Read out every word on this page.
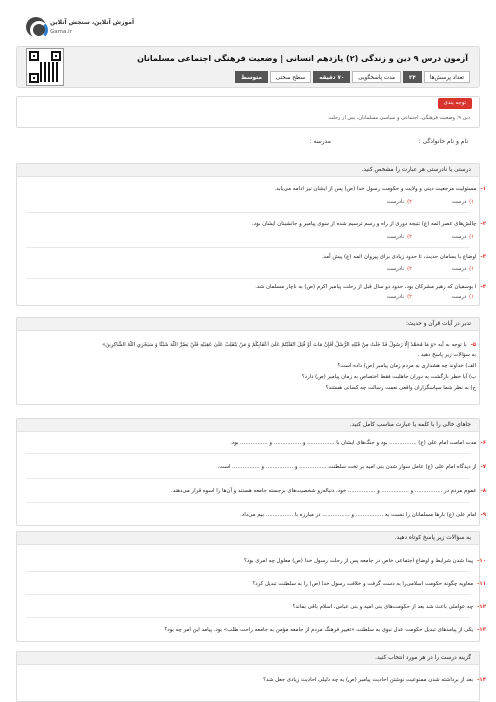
آموزش آنلاین، سنجش آنلاین
Gama.ir
آزمون درس ۹ دین و زندگی (۲) یازدهم انسانی | وضعیت فرهنگی اجتماعی مسلمانان
تعداد پرسش‌ها
۲۴
مدت پاسخگویی
۷۰ دقیقه
سطح سختی
متوسط
توجه بندی
دین ۹: وضعیت فرهنگی، اجتماعی و سیاسی مسلمانان، پس از رحلت
نام و نام خانوادگی :
مدرسه :
درستی یا نادرستی هر عبارت را مشخص کنید.
۱-مسئولیت مرجعیت دینی و ولایت و حکومت رسول خدا (ص) پس از ایشان نیز ادامه می‌یابد.
۱)درست
۲)نادرست
۲-چالش‌های عصر ائمه (ع) نتیجه دوری از راه و رسم ترسیم شده از سوی پیامبر و جانشینان ایشان بود.
۱)درست
۲)نادرست
۳-اوضاع با بسامان حدیث، تا حدود زیادی برای پیروان ائمه (ع) پیش آمد.
۱)درست
۲)نادرست
۴-ا بوسفیان که رهبر مشرکان بود، حدود دو سال قبل از رحلت پیامبر اکرم (ص) به ناچار مسلمان شد.
۱)درست
۲)نادرست
تدبر در آیات قرآن و حدیث:
۵-با توجه به آیه «وَ مَا مُحَمَّدٌ إِلَّا رَسُولٌ قَدْ خَلَتْ مِنْ قَبْلِهِ الرُّسُلُ أَفَإِنْ مَاتَ أَوْ قُتِلَ انْقَلَبْتُمْ عَلَىٰ أَعْقَابِكُمْ وَ مَنْ يَنْقَلِبْ عَلَىٰ عَقِبَيْهِ فَلَنْ يَضُرَّ اللَّهَ شَيْئًا وَ سَيَجْزِي اللَّهُ الشَّاكِرِينَ»
به سؤالات زیر پاسخ دهید .
الف) خداوند چه هشداری به مردم زمان پیامبر (ص) داده است؟
ب) آیا خطر بازگشت به دوران جاهلیت فقط اختصاص به زمان پیامبر (ص) دارد؟
ج) به نظر شما سپاسگزاران واقعی نعمت رسالت چه کسانی هستند؟
جاهای خالی را با کلمه یا عبارت مناسب کامل کنید.
۶-مدت امامت امام علی (ع) ................ بود و جنگ‌های ایشان با ................ و ................ و ................ بود.
۷-از دیدگاه امام علی (ع) عامل سوار شدن بنی امیه بر تخت سلطنت ................ و ................ و ................ است.
۸-عموم مردم در ................ و ................ و ................ خود، دنباله‌رو شخصیت‌های برجسته جامعه هستند و آن‌ها را اسوه قرار می‌دهند.
۹-امام علی (ع) بارها مسلمانان را نسبت به ................ و ................ در مبارزه با ................ بیم می‌داد.
به سؤالات زیر پاسخ کوتاه دهید.
۱۰-پیدا شدن شرایط و اوضاع اجتماعی خاص در جامعه پس از رحلت رسول خدا (ص) معلول چه امری بود؟
۱۱-معاویه چگونه حکومت اسلامی‌را به دست گرفت و خلافت رسول خدا (ص) را به سلطنت تبدیل کرد؟
۱۲-چه عواملی باعث شد بعد از حکومت‌های بنی امیه و بنی عباس، اسلام باقی بماند؟
۱۳-یکی از پیامدهای تبدیل حکومت عدل نبوی به سلطنت «تغییر فرهنگ مردم از جامعه مؤمن به جامعه راحت طلب» بود. پیامد این امر چه بود؟
گزینه درست را در هر مورد انتخاب کنید.
۱۴-بعد از برداشته شدن ممنوعیت نوشتن احادیث پیامبر (ص) به چه دلیلی احادیث زیادی جعل شد؟
